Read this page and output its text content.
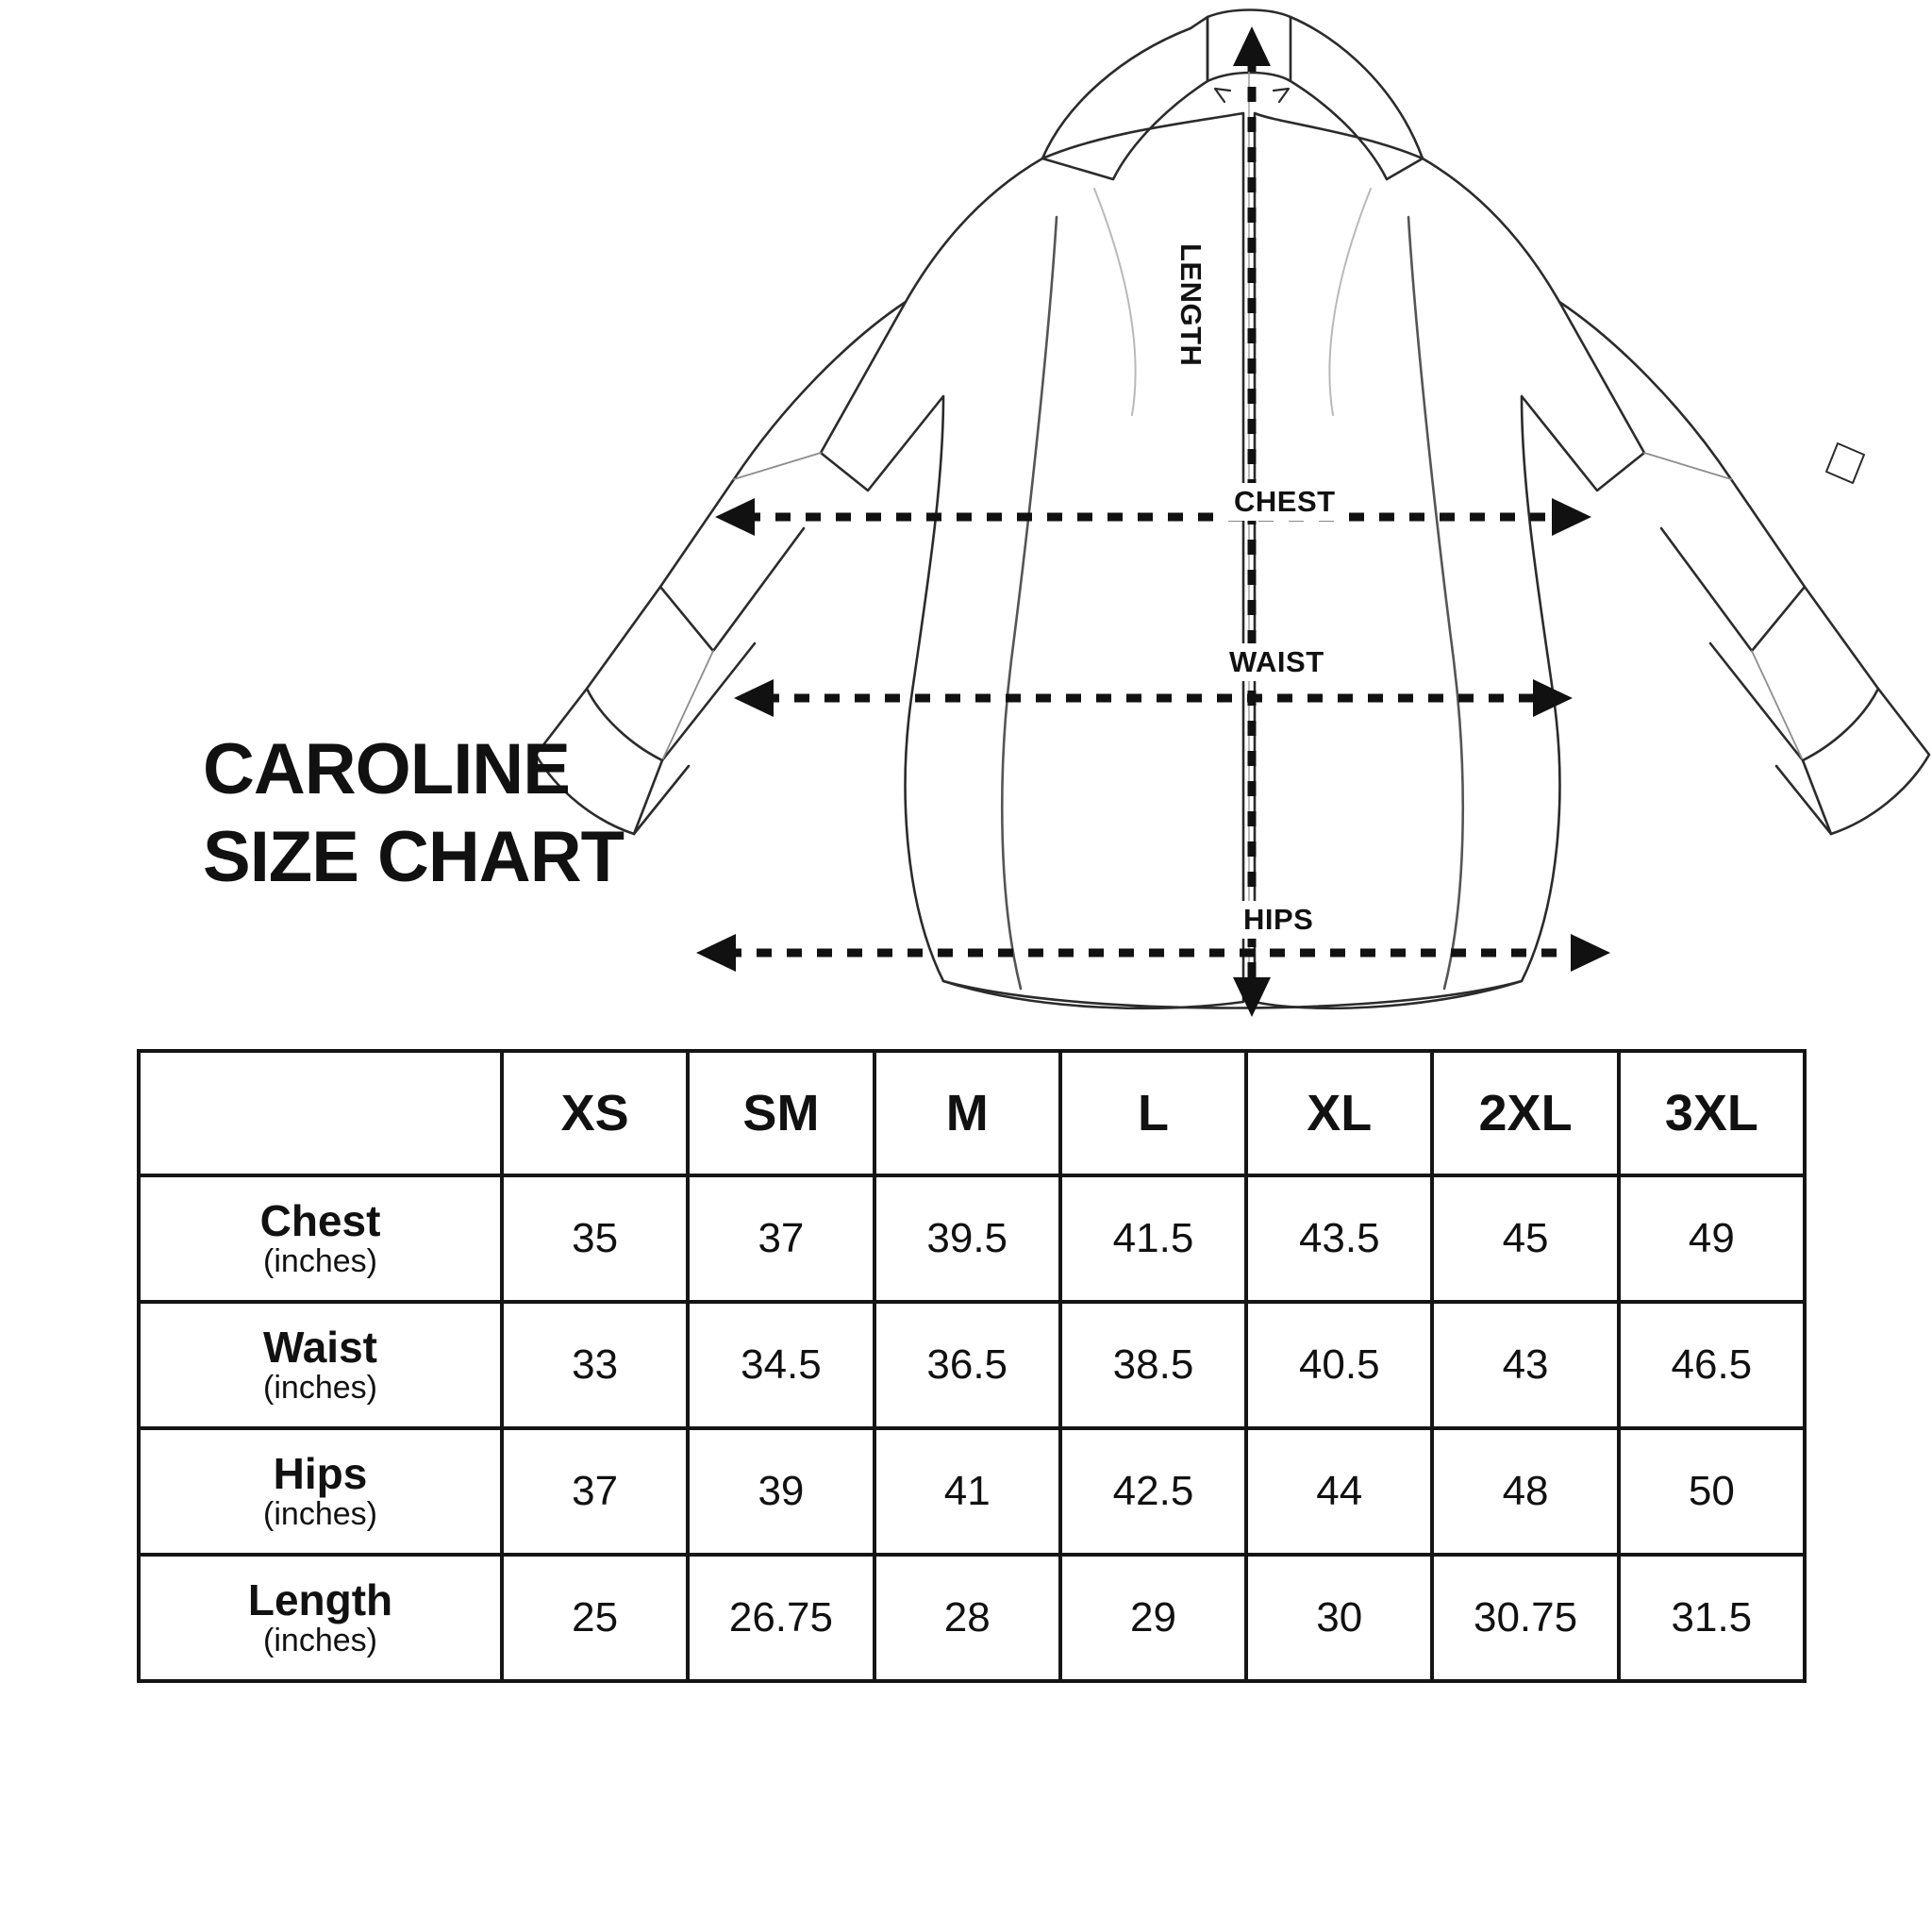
LENGTH
CHEST
WAIST
HIPS
CAROLINE
SIZE CHART
	XS	SM	M	L	XL	2XL	3XL

Chest
(inches)	35	37	39.5	41.5	43.5	45	49

Waist
(inches)	33	34.5	36.5	38.5	40.5	43	46.5

Hips
(inches)	37	39	41	42.5	44	48	50

Length
(inches)	25	26.75	28	29	30	30.75	31.5
